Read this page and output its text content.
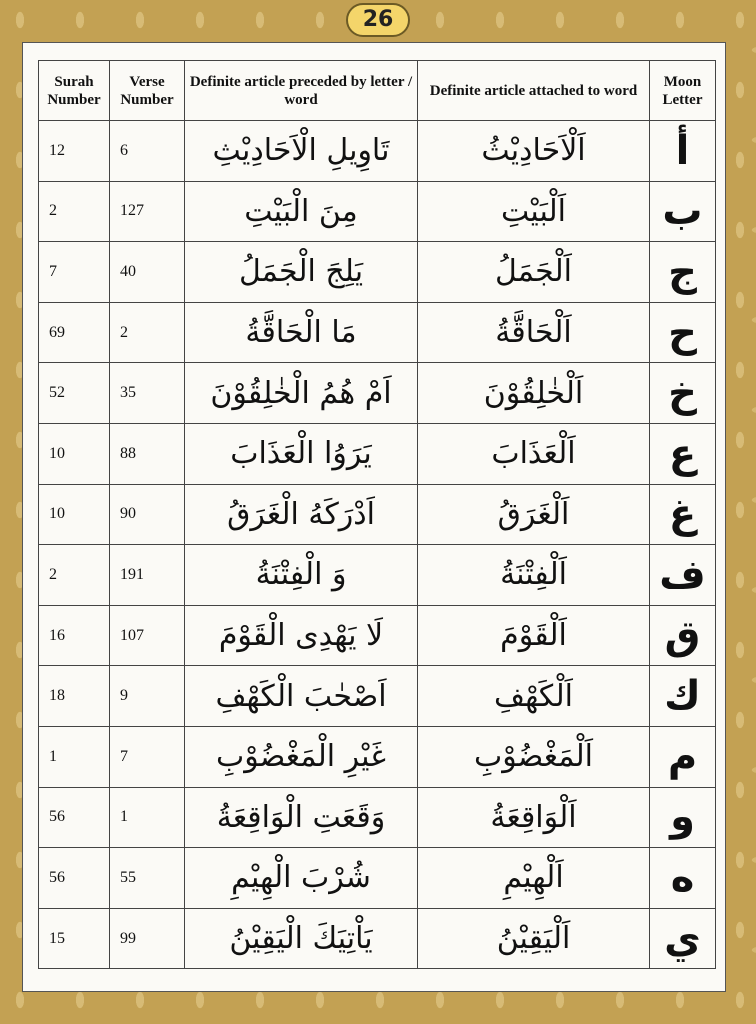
26
Surah Number	Verse Number	Definite article preceded by letter / word	Definite article attached to word	Moon Letter
12	6	تَاوِيلِ الْاَحَادِيْثِ	اَلْاَحَادِيْثُ	أ
2	127	مِنَ الْبَيْتِ	اَلْبَيْتِ	ب
7	40	يَلِجَ الْجَمَلُ	اَلْجَمَلُ	ج
69	2	مَا الْحَاقَّةُ	اَلْحَاقَّةُ	ح
52	35	اَمْ هُمُ الْخٰلِقُوْنَ	اَلْخٰلِقُوْنَ	خ
10	88	يَرَوُا الْعَذَابَ	اَلْعَذَابَ	ع
10	90	اَدْرَكَهُ الْغَرَقُ	اَلْغَرَقُ	غ
2	191	وَ الْفِتْنَةُ	اَلْفِتْنَةُ	ف
16	107	لَا يَهْدِى الْقَوْمَ	اَلْقَوْمَ	ق
18	9	اَصْحٰبَ الْكَهْفِ	اَلْكَهْفِ	ك
1	7	غَيْرِ الْمَغْضُوْبِ	اَلْمَغْضُوْبِ	م
56	1	وَقَعَتِ الْوَاقِعَةُ	اَلْوَاقِعَةُ	و
56	55	شُرْبَ الْهِيْمِ	اَلْهِيْمِ	ه
15	99	يَاْتِيَكَ الْيَقِيْنُ	اَلْيَقِيْنُ	ي
